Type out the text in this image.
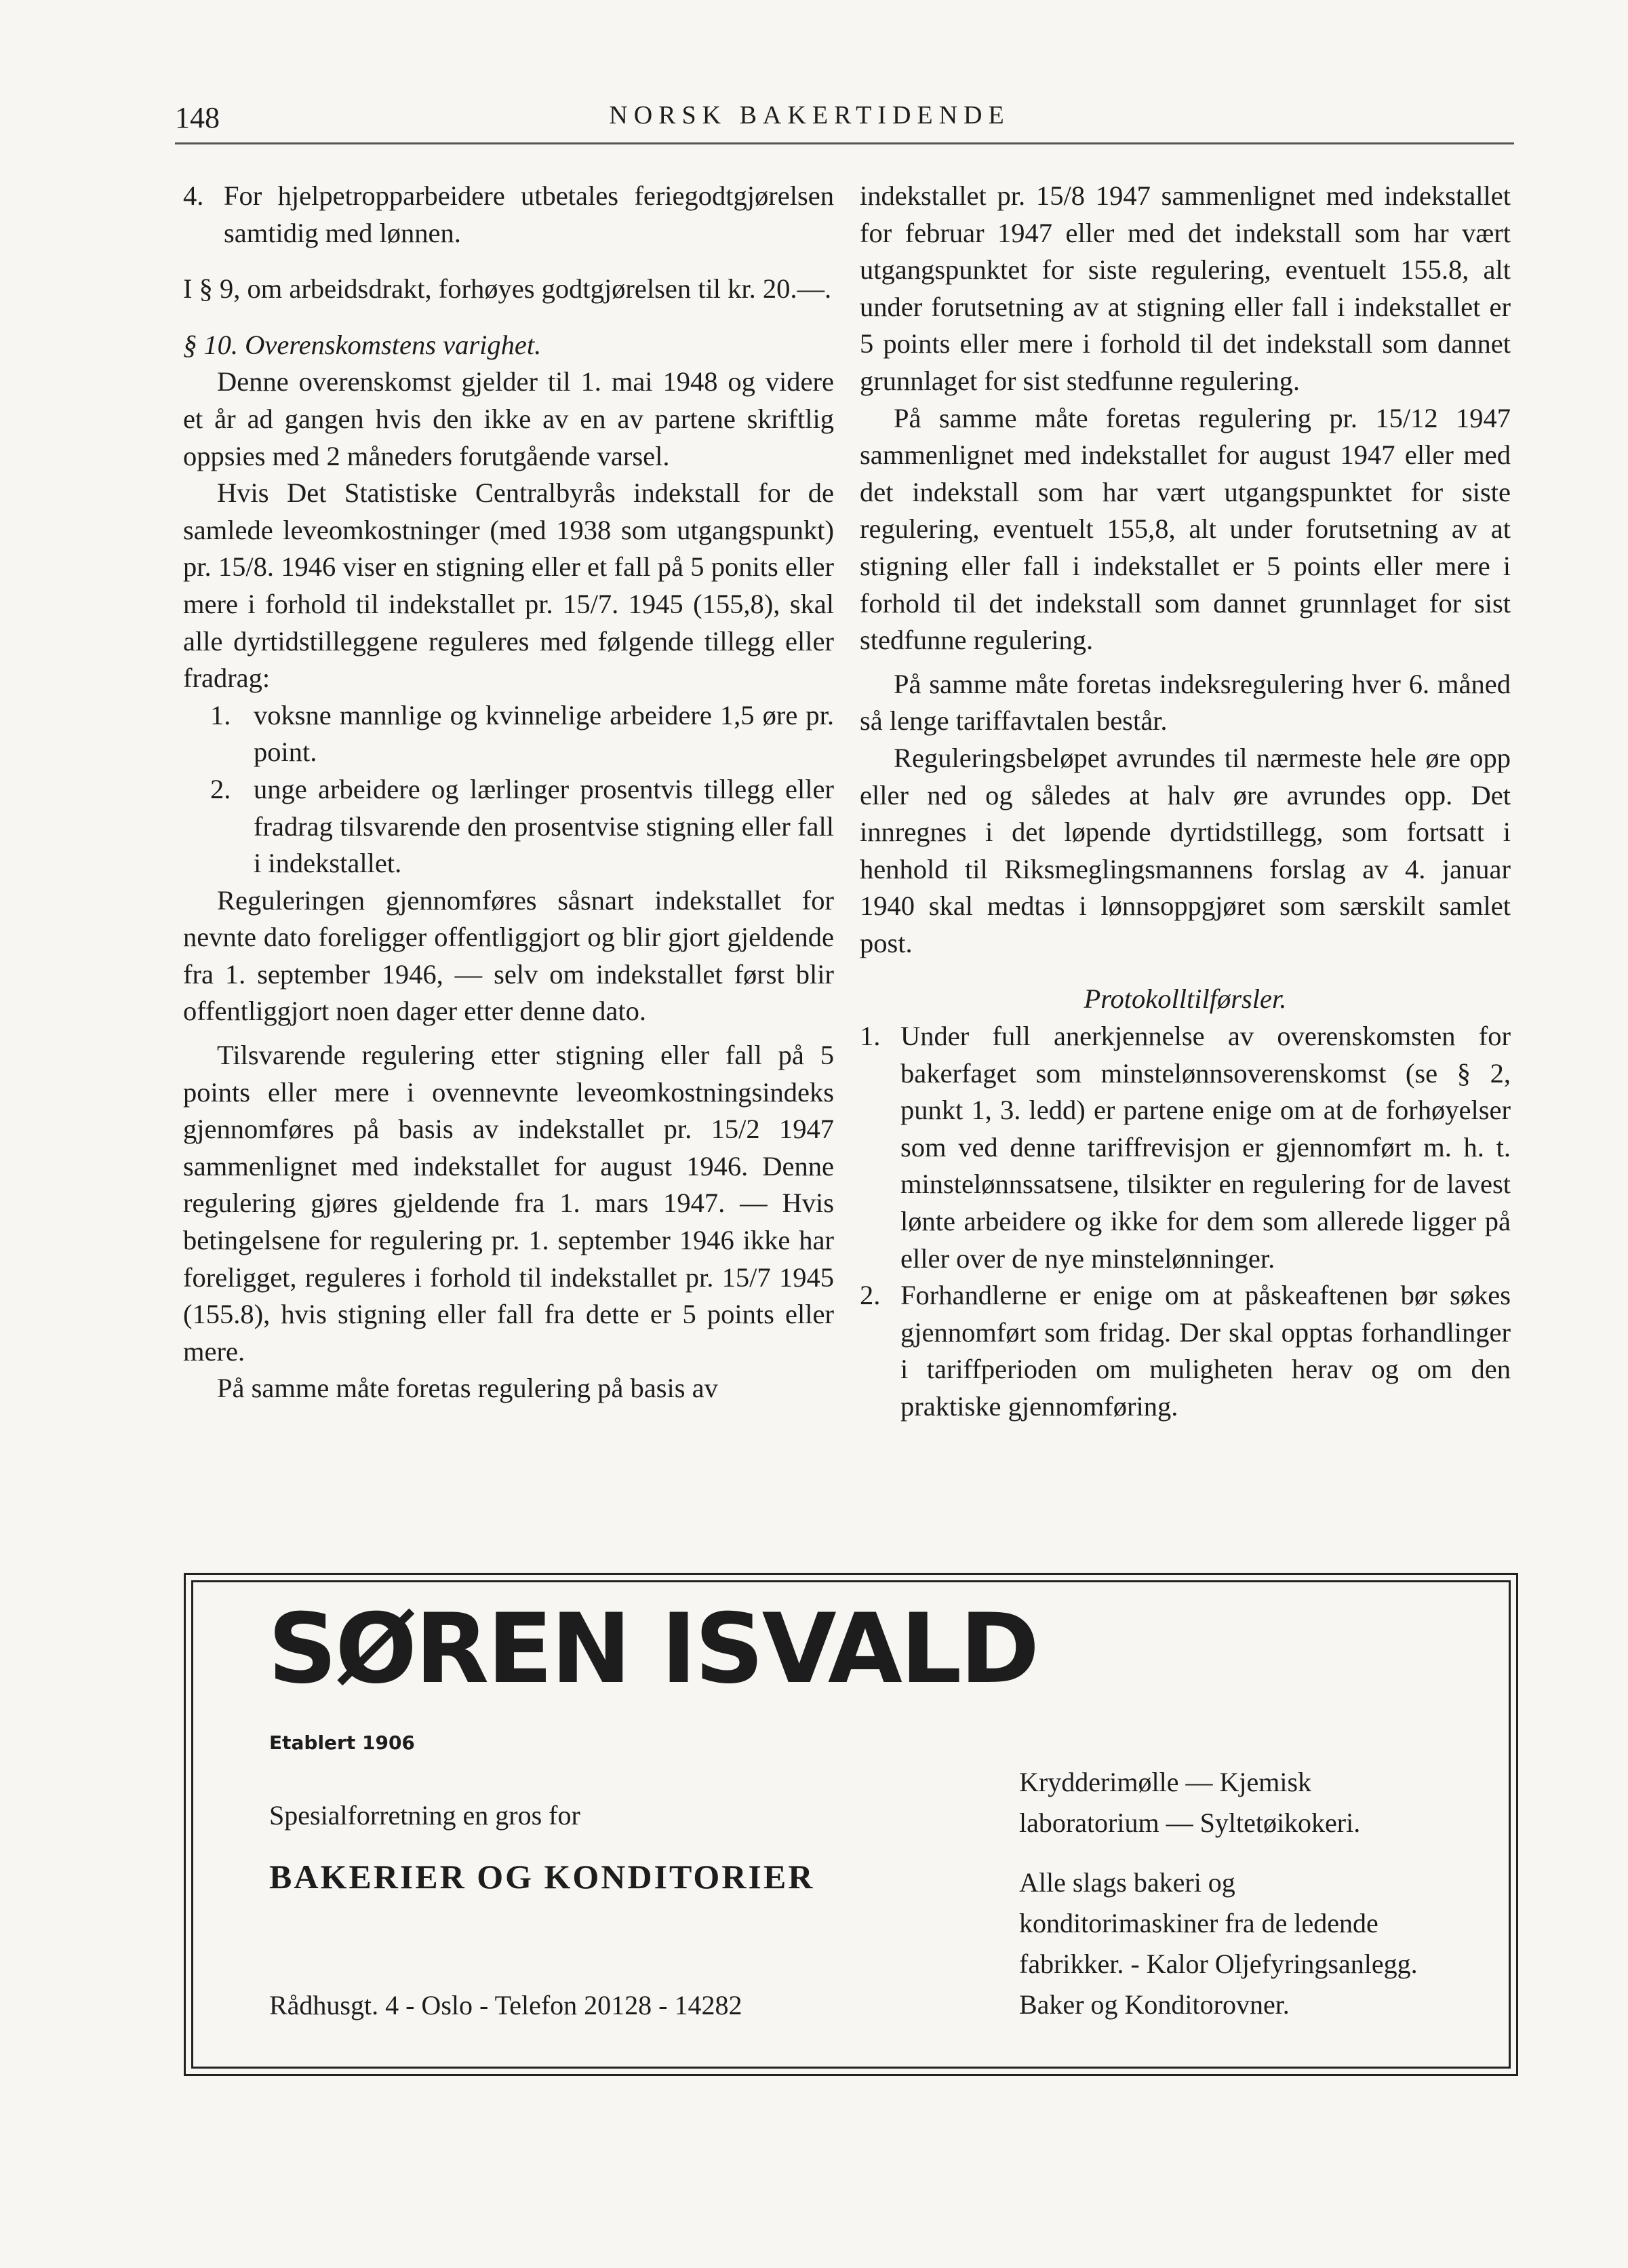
148	NORSK BAKERTIDENDE
4. For hjelpetropparbeidere utbetales feriegodtgjørelsen samtidig med lønnen.

I § 9, om arbeidsdrakt, forhøyes godtgjørelsen til kr. 20.—.

§ 10. Overenskomstens varighet.

Denne overenskomst gjelder til 1. mai 1948 og videre et år ad gangen hvis den ikke av en av partene skriftlig oppsies med 2 måneders forutgående varsel.

Hvis Det Statistiske Centralbyrås indekstall for de samlede leveomkostninger (med 1938 som utgangspunkt) pr. 15/8. 1946 viser en stigning eller et fall på 5 ponits eller mere i forhold til indekstallet pr. 15/7. 1945 (155,8), skal alle dyrtidstilleggene reguleres med følgende tillegg eller fradrag:

1. voksne mannlige og kvinnelige arbeidere 1,5 øre pr. point.
2. unge arbeidere og lærlinger prosentvis tillegg eller fradrag tilsvarende den prosentvise stigning eller fall i indekstallet.

Reguleringen gjennomføres såsnart indekstallet for nevnte dato foreligger offentliggjort og blir gjort gjeldende fra 1. september 1946, — selv om indekstallet først blir offentliggjort noen dager etter denne dato.

Tilsvarende regulering etter stigning eller fall på 5 points eller mere i ovennevnte leveomkostningsindeks gjennomføres på basis av indekstallet pr. 15/2 1947 sammenlignet med indekstallet for august 1946. Denne regulering gjøres gjeldende fra 1. mars 1947. — Hvis betingelsene for regulering pr. 1. september 1946 ikke har foreligget, reguleres i forhold til indekstallet pr. 15/7 1945 (155.8), hvis stigning eller fall fra dette er 5 points eller mere.

På samme måte foretas regulering på basis av

indekstallet pr. 15/8 1947 sammenlignet med indekstallet for februar 1947 eller med det indekstall som har vært utgangspunktet for siste regulering, eventuelt 155.8, alt under forutsetning av at stigning eller fall i indekstallet er 5 points eller mere i forhold til det indekstall som dannet grunnlaget for sist stedfunne regulering.

På samme måte foretas regulering pr. 15/12 1947 sammenlignet med indekstallet for august 1947 eller med det indekstall som har vært utgangspunktet for siste regulering, eventuelt 155,8, alt under forutsetning av at stigning eller fall i indekstallet er 5 points eller mere i forhold til det indekstall som dannet grunnlaget for sist stedfunne regulering.

På samme måte foretas indeksregulering hver 6. måned så lenge tariffavtalen består.

Reguleringsbeløpet avrundes til nærmeste hele øre opp eller ned og således at halv øre avrundes opp. Det innregnes i det løpende dyrtidstillegg, som fortsatt i henhold til Riksmeglingsmannens forslag av 4. januar 1940 skal medtas i lønnsoppgjøret som særskilt samlet post.

Protokolltilførsler.

1. Under full anerkjennelse av overenskomsten for bakerfaget som minstelønnsoverenskomst (se § 2, punkt 1, 3. ledd) er partene enige om at de forhøyelser som ved denne tariffrevisjon er gjennomført m. h. t. minstelønnssatsene, tilsikter en regulering for de lavest lønte arbeidere og ikke for dem som allerede ligger på eller over de nye minstelønninger.
2. Forhandlerne er enige om at påskeaftenen bør søkes gjennomført som fridag. Der skal opptas forhandlinger i tariffperioden om muligheten herav og om den praktiske gjennomføring.
SØREN ISVALD
Etablert 1906
Spesialforretning en gros for
BAKERIER OG KONDITORIER
Rådhusgt. 4 - Oslo - Telefon 20128 - 14282

Krydderimølle — Kjemisk laboratorium — Syltetøikokeri.

Alle slags bakeri og konditorimaskiner fra de ledende fabrikker. - Kalor Oljefyringsanlegg. Baker og Konditorovner.
